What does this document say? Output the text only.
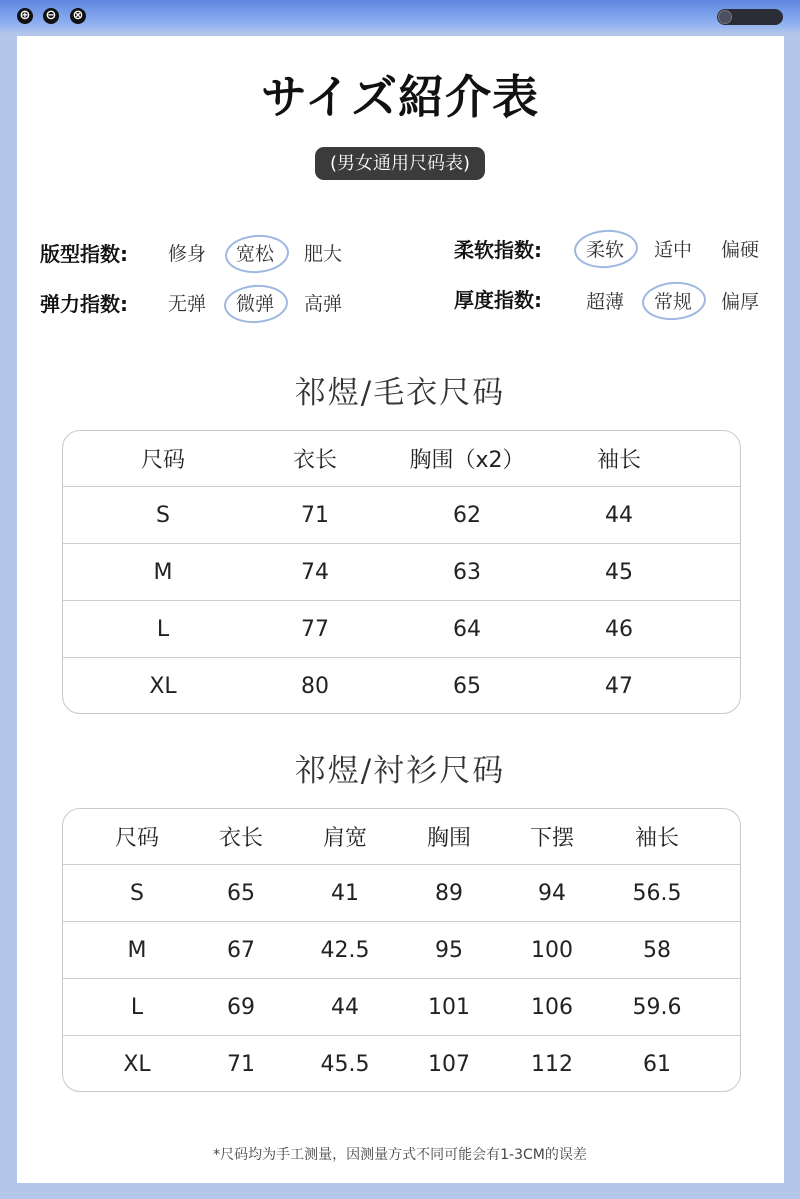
⊕ ⊖ ⊗
サイズ紹介表
(男女通用尺码表)
版型指数: 修身 宽松 肥大
弹力指数: 无弹 微弹 高弹
柔软指数: 柔软 适中 偏硬
厚度指数: 超薄 常规 偏厚
祁煜/毛衣尺码
尺码	衣长	胸围（x2）	袖长
S	71	62	44
M	74	63	45
L	77	64	46
XL	80	65	47
祁煜/衬衫尺码
尺码	衣长	肩宽	胸围	下摆	袖长
S	65	41	89	94	56.5
M	67	42.5	95	100	58
L	69	44	101	106	59.6
XL	71	45.5	107	112	61
*尺码均为手工测量，因测量方式不同可能会有1-3CM的误差
